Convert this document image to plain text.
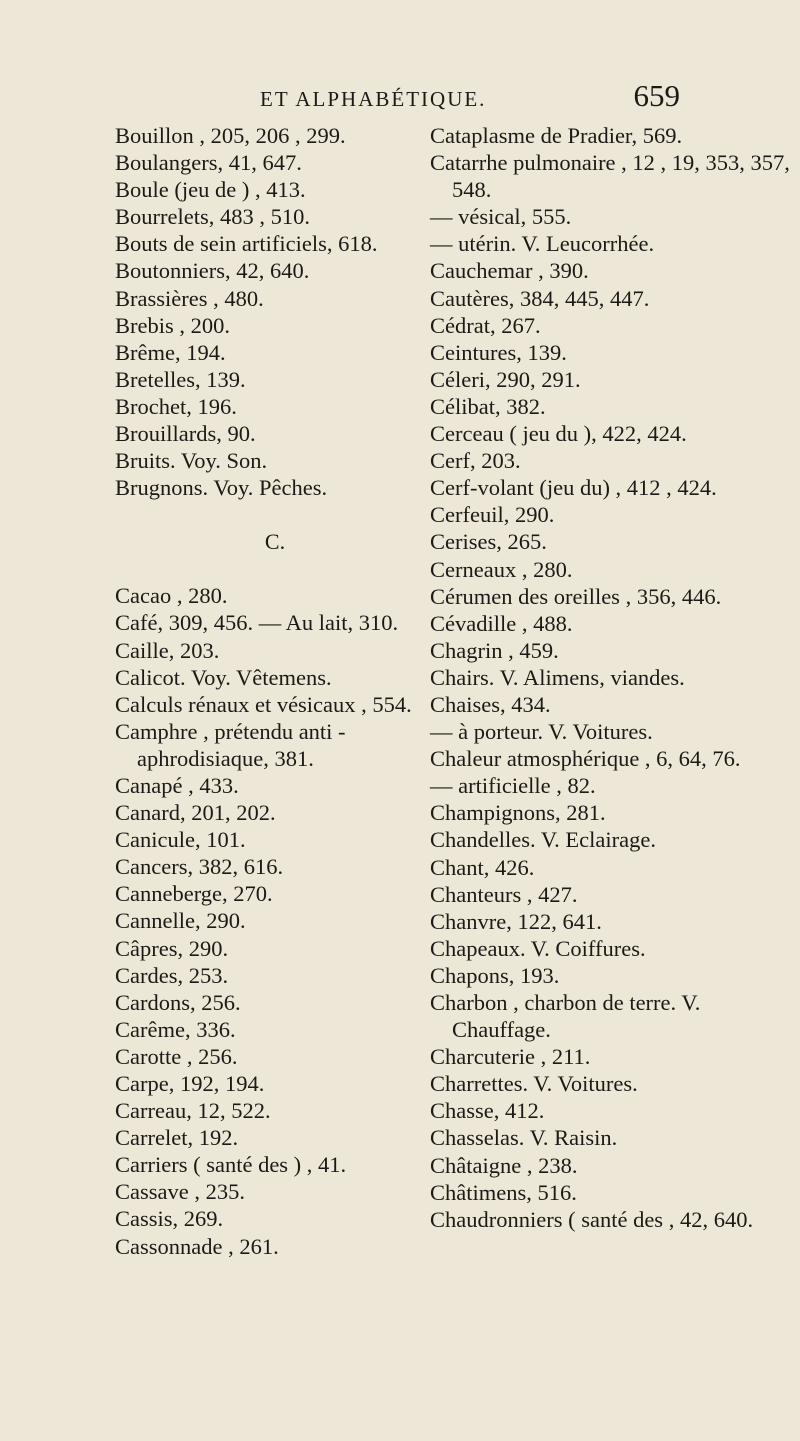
ET ALPHABÉTIQUE.	659
Bouillon , 205, 206 , 299.
Boulangers, 41, 647.
Boule (jeu de ) , 413.
Bourrelets, 483 , 510.
Bouts de sein artificiels, 618.
Boutonniers, 42, 640.
Brassières , 480.
Brebis , 200.
Brême, 194.
Bretelles, 139.
Brochet, 196.
Brouillards, 90.
Bruits. Voy. Son.
Brugnons. Voy. Pêches.
C.
Cacao , 280.
Café, 309, 456. — Au lait, 310.
Caille, 203.
Calicot. Voy. Vêtemens.
Calculs rénaux et vésicaux , 554.
Camphre , prétendu anti - aphrodisiaque, 381.
Canapé , 433.
Canard, 201, 202.
Canicule, 101.
Cancers, 382, 616.
Canneberge, 270.
Cannelle, 290.
Câpres, 290.
Cardes, 253.
Cardons, 256.
Carême, 336.
Carotte , 256.
Carpe, 192, 194.
Carreau, 12, 522.
Carrelet, 192.
Carriers ( santé des ) , 41.
Cassave , 235.
Cassis, 269.
Cassonnade , 261.
Cataplasme de Pradier, 569.
Catarrhe pulmonaire , 12 , 19, 353, 357, 548.
— vésical, 555.
— utérin. V. Leucorrhée.
Cauchemar , 390.
Cautères, 384, 445, 447.
Cédrat, 267.
Ceintures, 139.
Céleri, 290, 291.
Célibat, 382.
Cerceau ( jeu du ), 422, 424.
Cerf, 203.
Cerf-volant (jeu du) , 412 , 424.
Cerfeuil, 290.
Cerises, 265.
Cerneaux , 280.
Cérumen des oreilles , 356, 446.
Cévadille , 488.
Chagrin , 459.
Chairs. V. Alimens, viandes.
Chaises, 434.
— à porteur. V. Voitures.
Chaleur atmosphérique , 6, 64, 76.
— artificielle , 82.
Champignons, 281.
Chandelles. V. Eclairage.
Chant, 426.
Chanteurs , 427.
Chanvre, 122, 641.
Chapeaux. V. Coiffures.
Chapons, 193.
Charbon , charbon de terre. V. Chauffage.
Charcuterie , 211.
Charrettes. V. Voitures.
Chasse, 412.
Chasselas. V. Raisin.
Châtaigne , 238.
Châtimens, 516.
Chaudronniers ( santé des , 42, 640.
